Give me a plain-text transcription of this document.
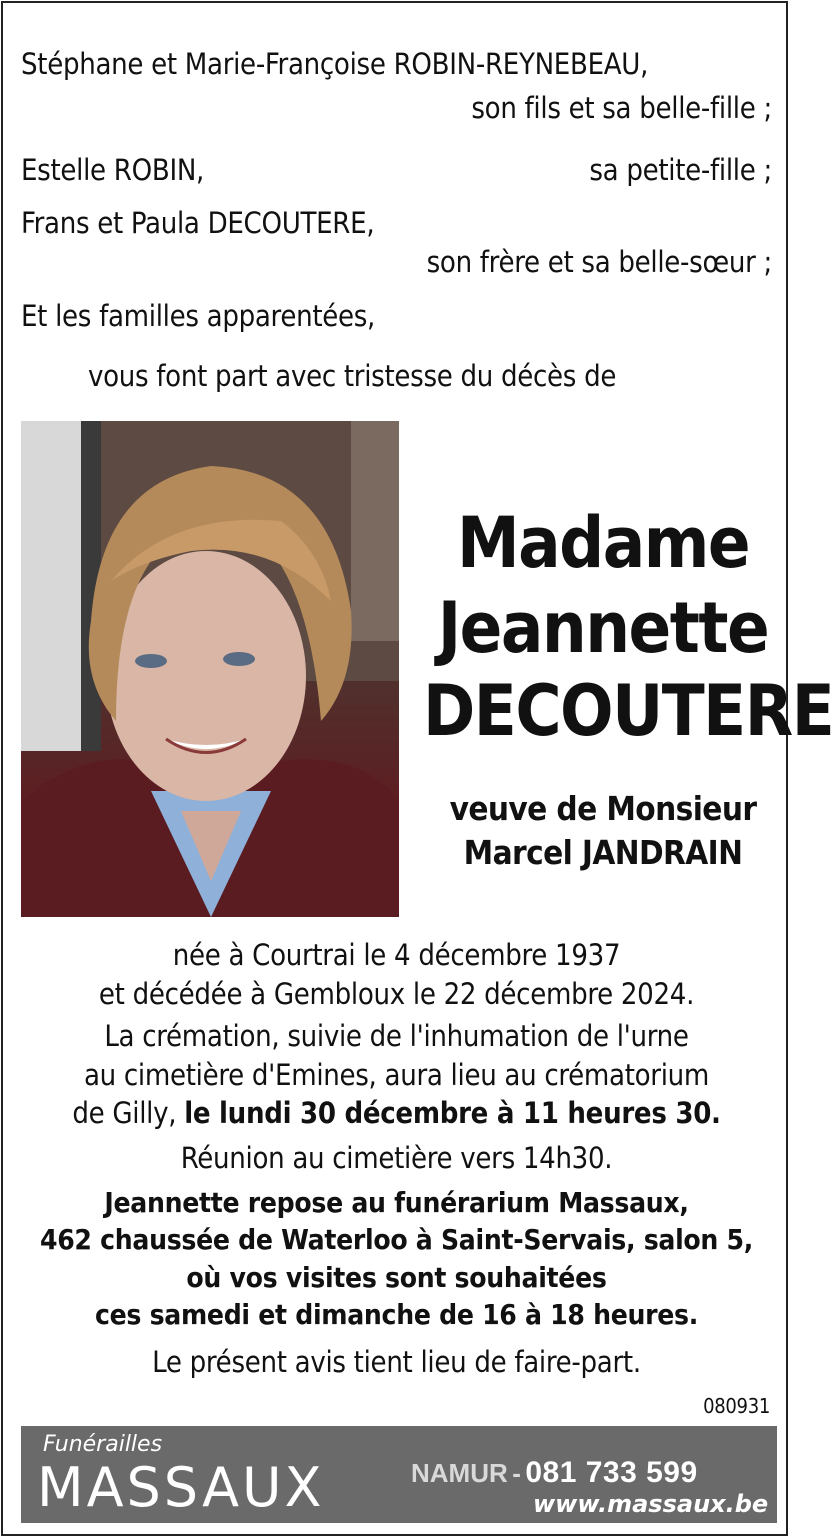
Stéphane et Marie-Françoise ROBIN-REYNEBEAU,
son fils et sa belle-fille ;
Estelle ROBIN,	sa petite-fille ;
Frans et Paula DECOUTERE,
son frère et sa belle-sœur ;
Et les familles apparentées,
vous font part avec tristesse du décès de
Madame
Jeannette
DECOUTERE
veuve de Monsieur
Marcel JANDRAIN
née à Courtrai le 4 décembre 1937
et décédée à Gembloux le 22 décembre 2024.
La crémation, suivie de l'inhumation de l'urne
au cimetière d'Emines, aura lieu au crématorium
de Gilly, le lundi 30 décembre à 11 heures 30.
Réunion au cimetière vers 14h30.
Jeannette repose au funérarium Massaux,
462 chaussée de Waterloo à Saint-Servais, salon 5,
où vos visites sont souhaitées
ces samedi et dimanche de 16 à 18 heures.
Le présent avis tient lieu de faire-part.
080931
Funérailles
MASSAUX	NAMUR - 081 733 599
www.massaux.be
